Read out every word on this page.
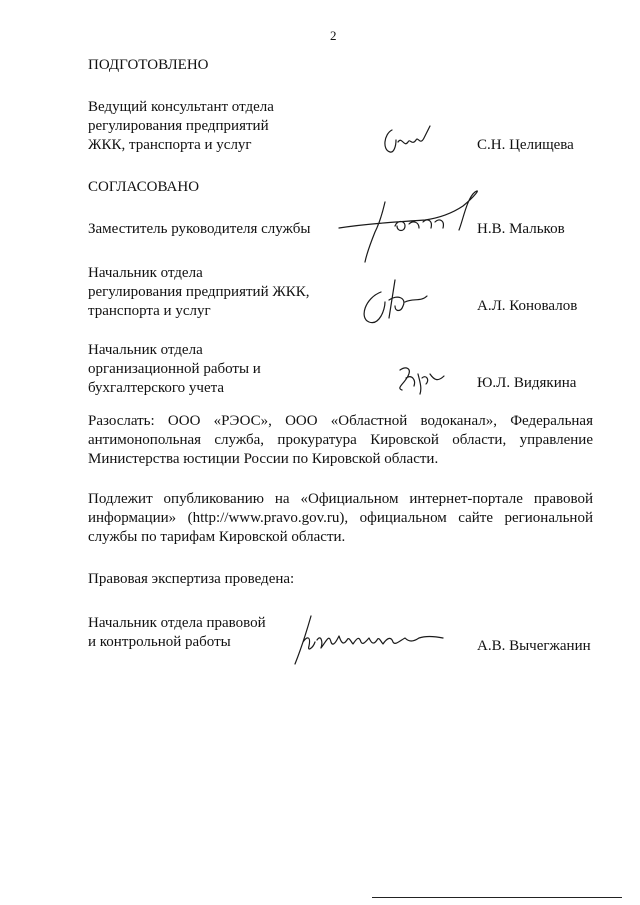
2
ПОДГОТОВЛЕНО
Ведущий консультант отдела
регулирования предприятий
ЖКК, транспорта и услуг	С.Н. Целищева
СОГЛАСОВАНО
Заместитель руководителя службы	Н.В. Мальков
Начальник отдела
регулирования предприятий ЖКК,
транспорта и услуг	А.Л. Коновалов
Начальник отдела
организационной работы и
бухгалтерского учета	Ю.Л. Видякина
Разослать: ООО «РЭОС», ООО «Областной водоканал», Федеральная
антимонопольная служба, прокуратура Кировской области, управление
Министерства юстиции России по Кировской области.
Подлежит опубликованию на «Официальном интернет-портале правовой
информации» (http://www.pravo.gov.ru), официальном сайте региональной
службы по тарифам Кировской области.
Правовая экспертиза проведена:
Начальник отдела правовой
и контрольной работы	А.В. Вычегжанин
